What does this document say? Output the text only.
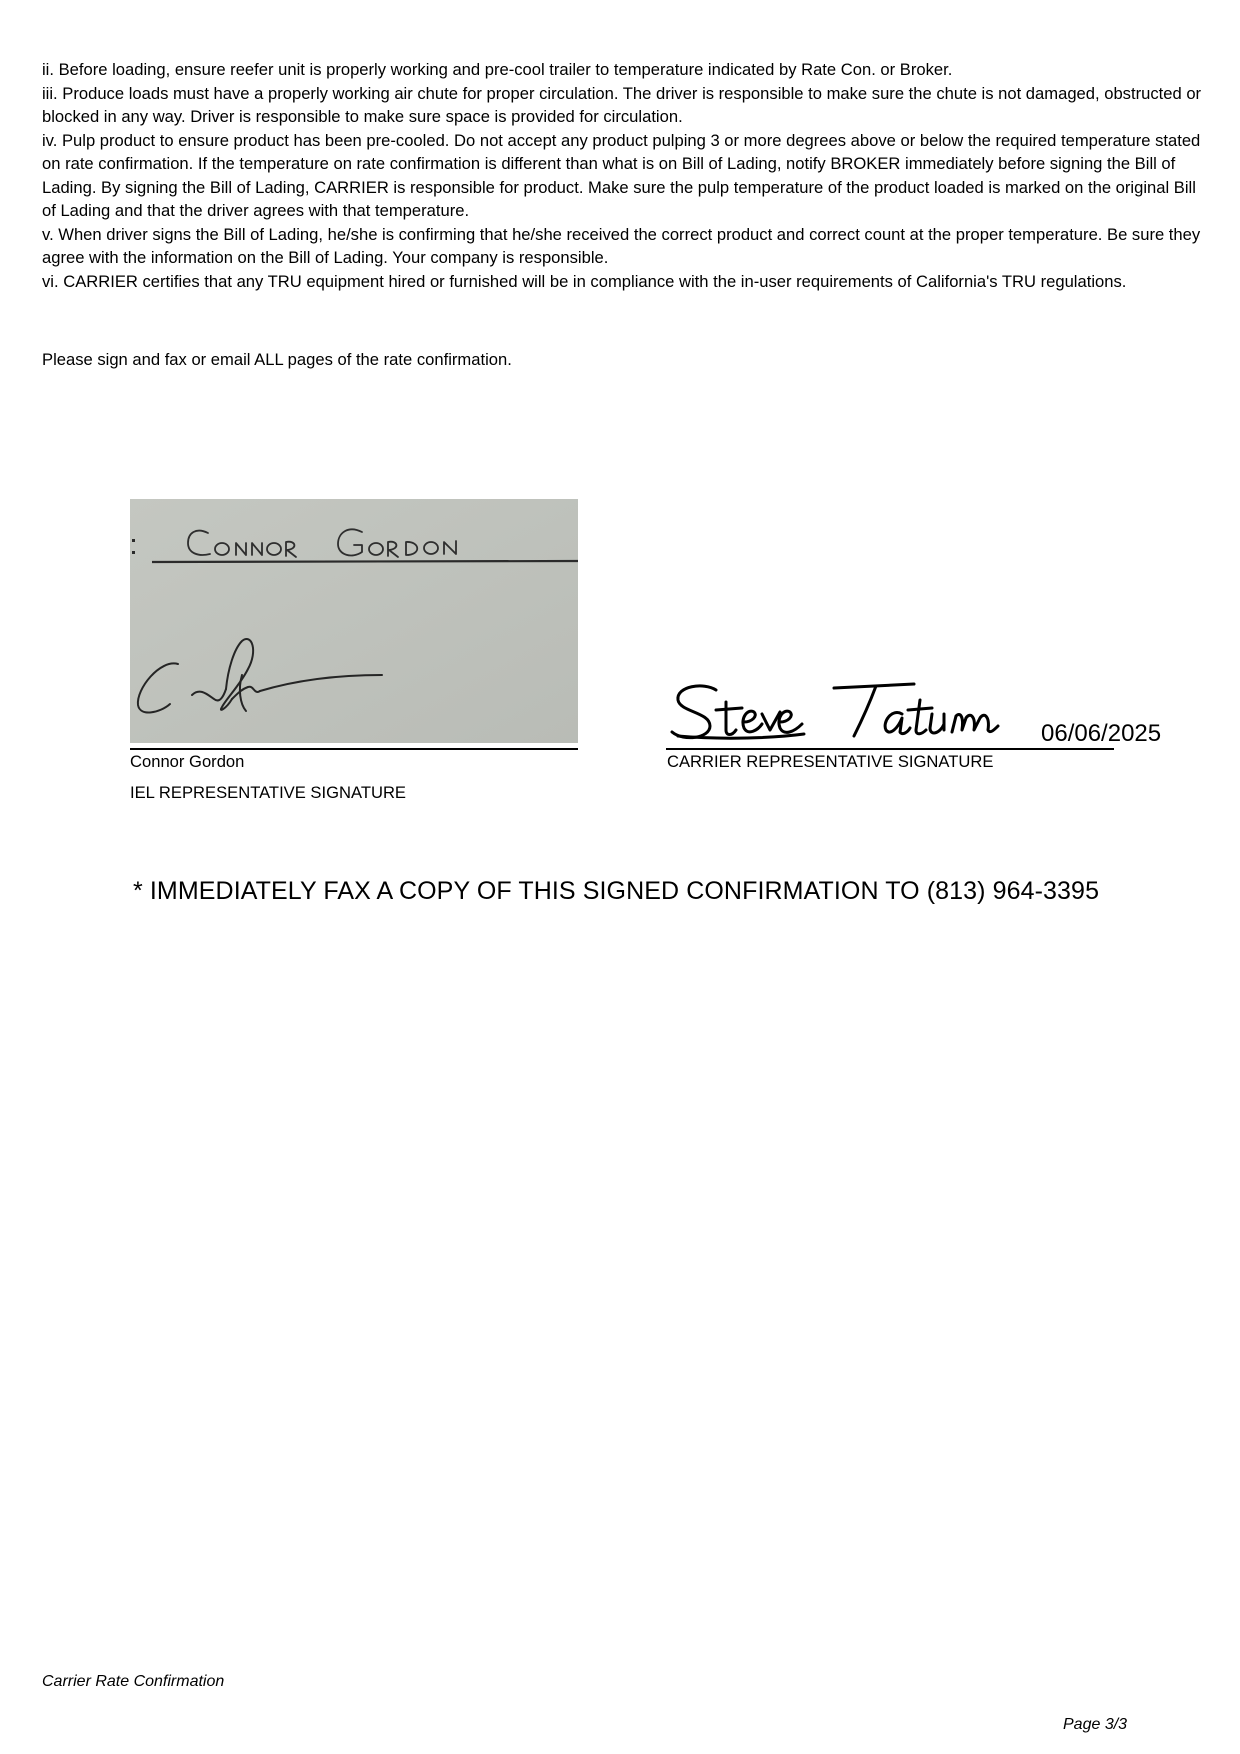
ii. Before loading, ensure reefer unit is properly working and pre-cool trailer to temperature indicated by Rate Con. or Broker.

iii. Produce loads must have a properly working air chute for proper circulation. The driver is responsible to make sure the chute is not damaged, obstructed or blocked in any way. Driver is responsible to make sure space is provided for circulation.

iv. Pulp product to ensure product has been pre-cooled. Do not accept any product pulping 3 or more degrees above or below the required temperature stated on rate confirmation. If the temperature on rate confirmation is different than what is on Bill of Lading, notify BROKER immediately before signing the Bill of Lading. By signing the Bill of Lading, CARRIER is responsible for product. Make sure the pulp temperature of the product loaded is marked on the original Bill of Lading and that the driver agrees with that temperature.

v. When driver signs the Bill of Lading, he/she is confirming that he/she received the correct product and correct count at the proper temperature. Be sure they agree with the information on the Bill of Lading. Your company is responsible.

vi. CARRIER certifies that any TRU equipment hired or furnished will be in compliance with the in-user requirements of California's TRU regulations.

Please sign and fax or email ALL pages of the rate confirmation.
Connor Gordon
IEL REPRESENTATIVE SIGNATURE
06/06/2025
CARRIER REPRESENTATIVE SIGNATURE
* IMMEDIATELY FAX A COPY OF THIS SIGNED CONFIRMATION TO (813) 964-3395
Carrier Rate Confirmation
Page 3/3
